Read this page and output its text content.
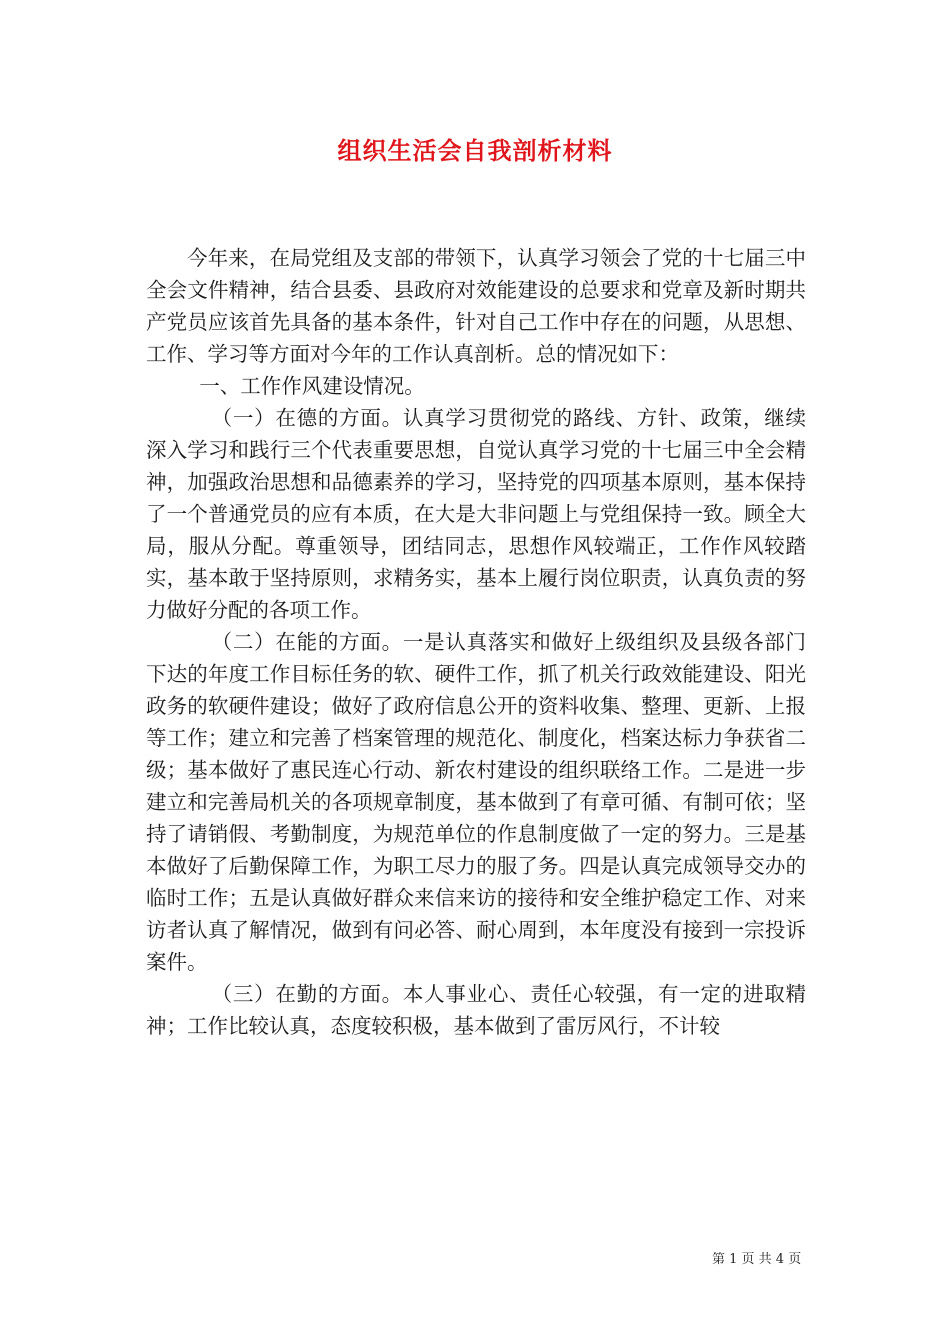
组织生活会自我剖析材料

今年来，在局党组及支部的带领下，认真学习领会了党的十七届三中全会文件精神，结合县委、县政府对效能建设的总要求和党章及新时期共产党员应该首先具备的基本条件，针对自己工作中存在的问题，从思想、工作、学习等方面对今年的工作认真剖析。总的情况如下：

一、工作作风建设情况。

（一）在德的方面。认真学习贯彻党的路线、方针、政策，继续深入学习和践行三个代表重要思想，自觉认真学习党的十七届三中全会精神，加强政治思想和品德素养的学习，坚持党的四项基本原则，基本保持了一个普通党员的应有本质，在大是大非问题上与党组保持一致。顾全大局，服从分配。尊重领导，团结同志，思想作风较端正，工作作风较踏实，基本敢于坚持原则，求精务实，基本上履行岗位职责，认真负责的努力做好分配的各项工作。

（二）在能的方面。一是认真落实和做好上级组织及县级各部门下达的年度工作目标任务的软、硬件工作，抓了机关行政效能建设、阳光政务的软硬件建设；做好了政府信息公开的资料收集、整理、更新、上报等工作；建立和完善了档案管理的规范化、制度化，档案达标力争获省二级；基本做好了惠民连心行动、新农村建设的组织联络工作。二是进一步建立和完善局机关的各项规章制度，基本做到了有章可循、有制可依；坚持了请销假、考勤制度，为规范单位的作息制度做了一定的努力。三是基本做好了后勤保障工作，为职工尽力的服了务。四是认真完成领导交办的临时工作；五是认真做好群众来信来访的接待和安全维护稳定工作、对来访者认真了解情况，做到有问必答、耐心周到，本年度没有接到一宗投诉案件。

（三）在勤的方面。本人事业心、责任心较强，有一定的进取精神；工作比较认真，态度较积极，基本做到了雷厉风行，不计较

第 1 页 共 4 页
